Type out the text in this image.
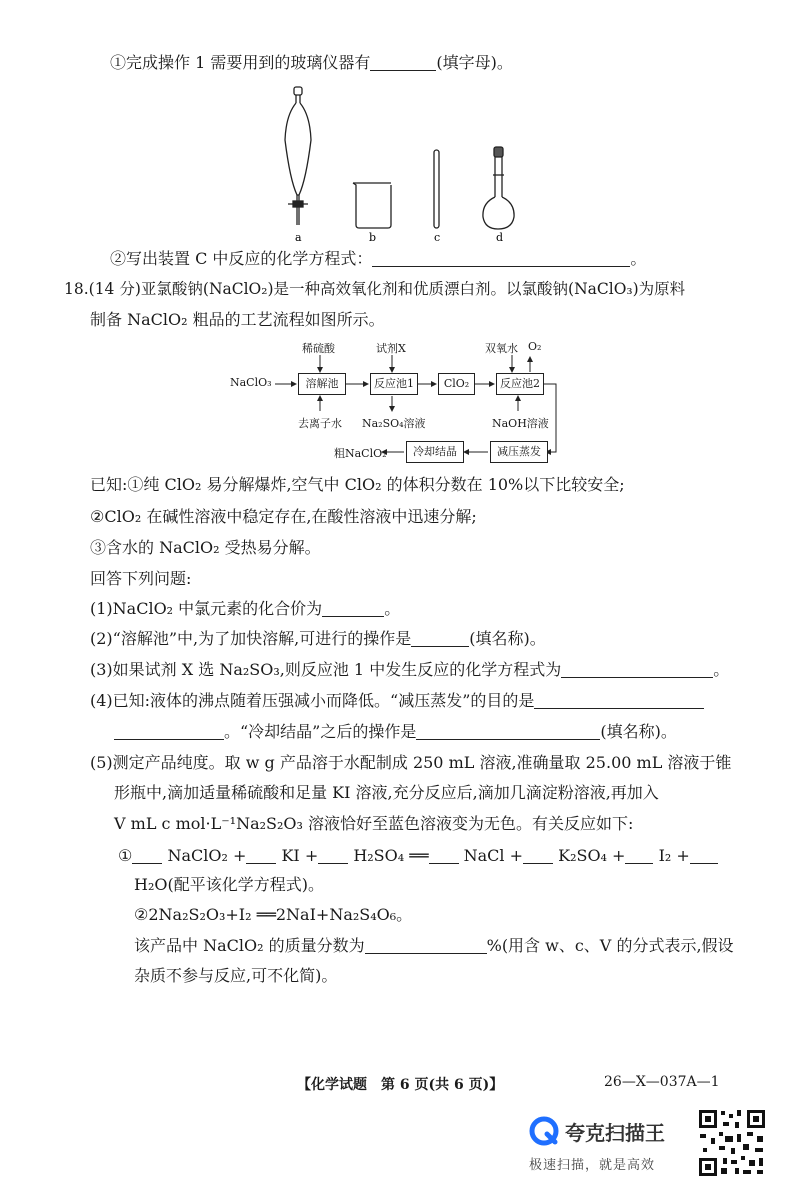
①完成操作 1 需要用到的玻璃仪器有	(填字母)。
a	b	c	d
②写出装置 C 中反应的化学方程式：	。
18.(14 分)亚氯酸钠(NaClO₂)是一种高效氧化剂和优质漂白剂。以氯酸钠(NaClO₃)为原料
制备 NaClO₂ 粗品的工艺流程如图所示。
NaClO₃
稀硫酸	试剂X	双氧水 O₂
溶解池	反应池1	ClO₂	反应池2
去离子水 Na₂SO₄溶液	NaOH溶液
粗NaClO₂	冷却结晶	减压蒸发
已知:①纯 ClO₂ 易分解爆炸,空气中 ClO₂ 的体积分数在 10%以下比较安全;
②ClO₂ 在碱性溶液中稳定存在,在酸性溶液中迅速分解;
③含水的 NaClO₂ 受热易分解。
回答下列问题:
(1)NaClO₂ 中氯元素的化合价为	。
(2)“溶解池”中,为了加快溶解,可进行的操作是	(填名称)。
(3)如果试剂 X 选 Na₂SO₃,则反应池 1 中发生反应的化学方程式为	。
(4)已知:液体的沸点随着压强减小而降低。“减压蒸发”的目的是
。“冷却结晶”之后的操作是	(填名称)。
(5)测定产品纯度。取 w g 产品溶于水配制成 250 mL 溶液,准确量取 25.00 mL 溶液于锥
形瓶中,滴加适量稀硫酸和足量 KI 溶液,充分反应后,滴加几滴淀粉溶液,再加入
V mL c mol·L⁻¹Na₂S₂O₃ 溶液恰好至蓝色溶液变为无色。有关反应如下:
① NaClO₂ + KI + H₂SO₄ ══ NaCl + K₂SO₄ + I₂ +
H₂O(配平该化学方程式)。
②2Na₂S₂O₃+I₂ ══2NaI+Na₂S₄O₆。
该产品中 NaClO₂ 的质量分数为	%(用含 w、c、V 的分式表示,假设
杂质不参与反应,可不化简)。
【化学试题　第 6 页(共 6 页)】	26—X—037A—1
夸克扫描王
极速扫描，就是高效
